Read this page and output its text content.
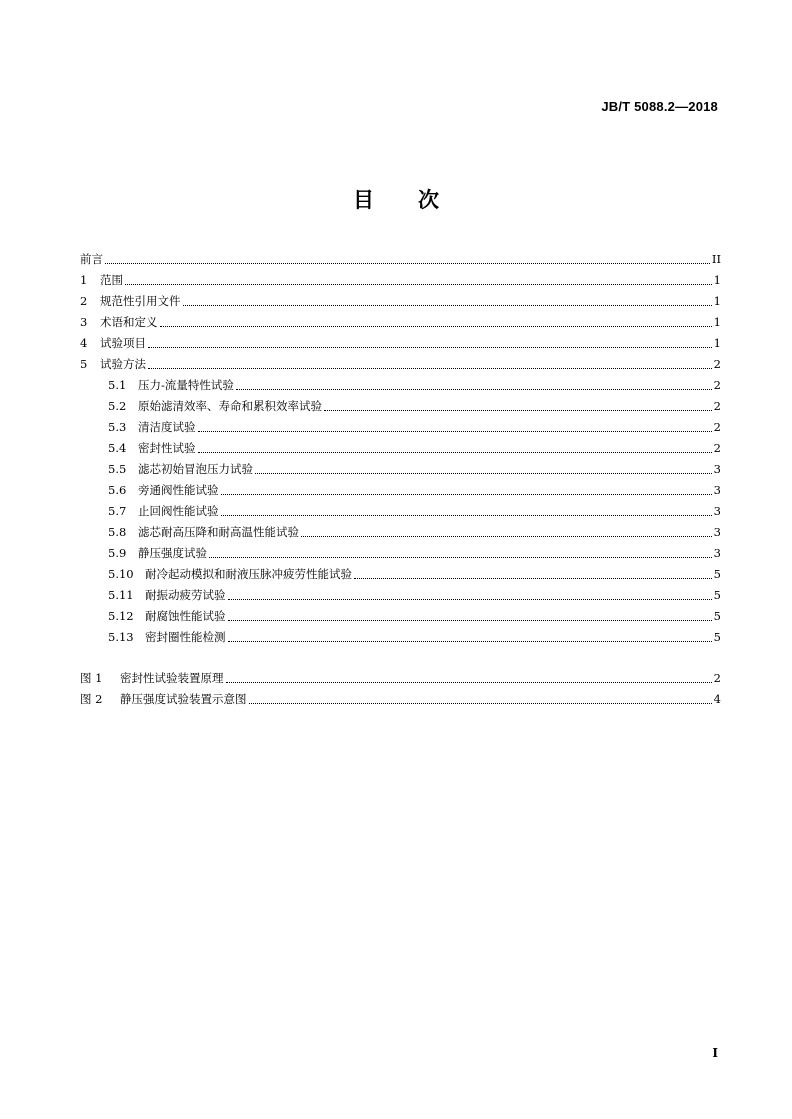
JB/T 5088.2—2018
目 次
前言	II
1	范围	1
2	规范性引用文件	1
3	术语和定义	1
4	试验项目	1
5	试验方法	2
5.1	压力-流量特性试验	2
5.2	原始滤清效率、寿命和累积效率试验	2
5.3	清洁度试验	2
5.4	密封性试验	2
5.5	滤芯初始冒泡压力试验	3
5.6	旁通阀性能试验	3
5.7	止回阀性能试验	3
5.8	滤芯耐高压降和耐高温性能试验	3
5.9	静压强度试验	3
5.10 耐冷起动模拟和耐液压脉冲疲劳性能试验	5
5.11 耐振动疲劳试验	5
5.12 耐腐蚀性能试验	5
5.13 密封圈性能检测	5
图 1	密封性试验装置原理	2
图 2	静压强度试验装置示意图	4
I
